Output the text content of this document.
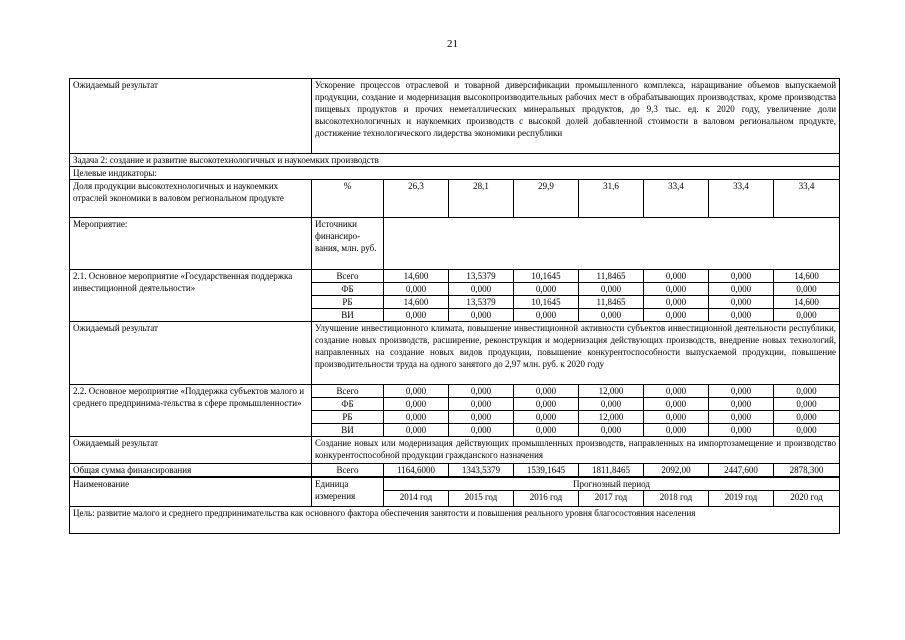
21
Ожидаемый результат	Ускорение процессов отраслевой и товарной диверсификации промышленного комплекса, наращивание объемов выпускаемой продукции, создание и модернизация высокопроизводительных рабочих мест в обрабатывающих производствах, кроме производства пищевых продуктов и прочих неметаллических минеральных продуктов, до 9,3 тыс. ед. к 2020 году, увеличение доли высокотехнологичных и наукоемких производств с высокой долей добавленной стоимости в валовом региональном продукте, достижение технологического лидерства экономики республики							
Задача 2: создание и развитие высокотехнологичных и наукоемких производств								
Целевые индикаторы:								
Доля продукции высокотехнологичных и наукоемких отраслей экономики в валовом региональном продукте	%	26,3	28,1	29,9	31,6	33,4	33,4	33,4
Мероприятие:	Источники финансиро-вания, млн. руб.							
2.1. Основное мероприятие «Государственная поддержка инвестиционной деятельности»	Всего	14,600	13,5379	10,1645	11,8465	0,000	0,000	14,600
	ФБ	0,000	0,000	0,000	0,000	0,000	0,000	0,000
	РБ	14,600	13,5379	10,1645	11,8465	0,000	0,000	14,600
	ВИ	0,000	0,000	0,000	0,000	0,000	0,000	0,000
Ожидаемый результат	Улучшение инвестиционного климата, повышение инвестиционной активности субъектов инвестиционной деятельности республики, создание новых производств, расширение, реконструкция и модернизация действующих производств, внедрение новых технологий, направленных на создание новых видов продукции, повышение конкурентоспособности выпускаемой продукции, повышение производительности труда на одного занятого до 2,97 млн. руб. к 2020 году							
2.2. Основное мероприятие «Поддержка субъектов малого и среднего предпринима-тельства в сфере промышленности»	Всего	0,000	0,000	0,000	12,000	0,000	0,000	0,000
	ФБ	0,000	0,000	0,000	0,000	0,000	0,000	0,000
	РБ	0,000	0,000	0,000	12,000	0,000	0,000	0,000
	ВИ	0,000	0,000	0,000	0,000	0,000	0,000	0,000
Ожидаемый результат	Создание новых или модернизация действующих промышленных производств, направленных на импортозамещение и производство конкурентоспособной продукции гражданского назначения							
Общая сумма финансирования	Всего	1164,6000	1343,5379	1539,1645	1811,8465	2092,00	2447,600	2878,300
Наименование	Единица измерения	Прогнозный период						
		2014 год	2015 год	2016 год	2017 год	2018 год	2019 год	2020 год
Цель: развитие малого и среднего предпринимательства как основного фактора обеспечения занятости и повышения реального уровня благосостояния населения								
